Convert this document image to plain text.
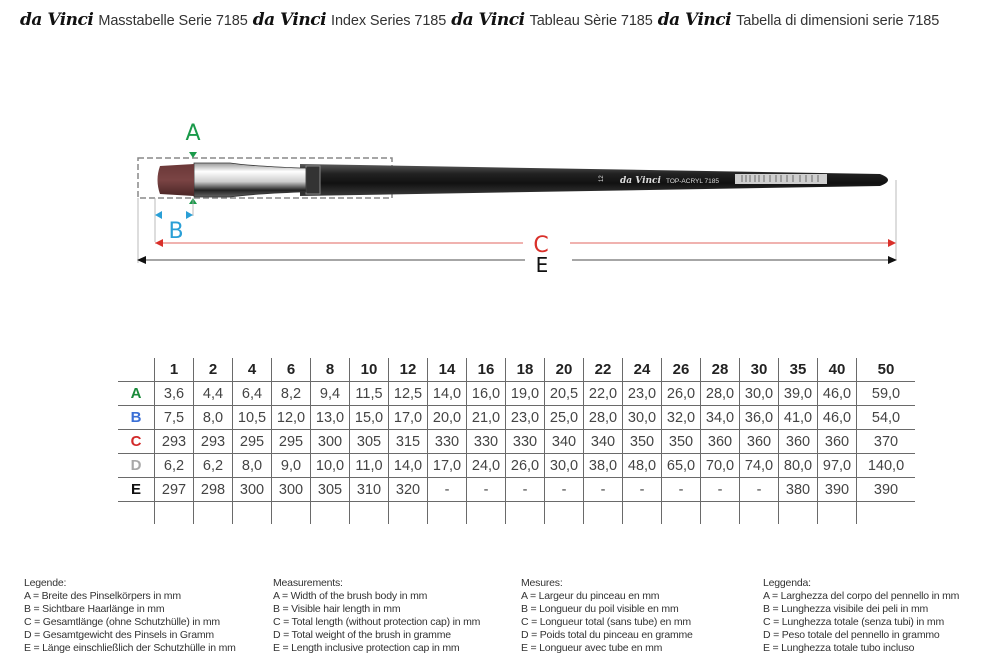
da Vinci Masstabelle Serie 7185 da Vinci Index Series 7185 da Vinci Tableau Sèrie 7185 da Vinci Tabella di dimensioni serie 7185
12 da Vinci TOP-ACRYL 7185
A
B
C
E
	1	2	4	6	8	10	12	14	16	18	20	22	24	26	28	30	35	40	50
A	3,6	4,4	6,4	8,2	9,4	11,5	12,5	14,0	16,0	19,0	20,5	22,0	23,0	26,0	28,0	30,0	39,0	46,0	59,0
B	7,5	8,0	10,5	12,0	13,0	15,0	17,0	20,0	21,0	23,0	25,0	28,0	30,0	32,0	34,0	36,0	41,0	46,0	54,0
C	293	293	295	295	300	305	315	330	330	330	340	340	350	350	360	360	360	360	370
D	6,2	6,2	8,0	9,0	10,0	11,0	14,0	17,0	24,0	26,0	30,0	38,0	48,0	65,0	70,0	74,0	80,0	97,0	140,0
E	297	298	300	300	305	310	320	-	-	-	-	-	-	-	-	-	380	390	390

Legende:
A = Breite des Pinselkörpers in mm
B = Sichtbare Haarlänge in mm
C = Gesamtlänge (ohne Schutzhülle) in mm
D = Gesamtgewicht des Pinsels in Gramm
E = Länge einschließlich der Schutzhülle in mm
Measurements:
A = Width of the brush body in mm
B = Visible hair length in mm
C = Total length (without protection cap) in mm
D = Total weight of the brush in gramme
E = Length inclusive protection cap in mm
Mesures:
A = Largeur du pinceau en mm
B = Longueur du poil visible en mm
C = Longueur total (sans tube) en mm
D = Poids total du pinceau en gramme
E = Longueur avec tube en mm
Leggenda:
A = Larghezza del corpo del pennello in mm
B = Lunghezza visibile dei peli in mm
C = Lunghezza totale (senza tubi) in mm
D = Peso totale del pennello in grammo
E = Lunghezza totale tubo incluso
